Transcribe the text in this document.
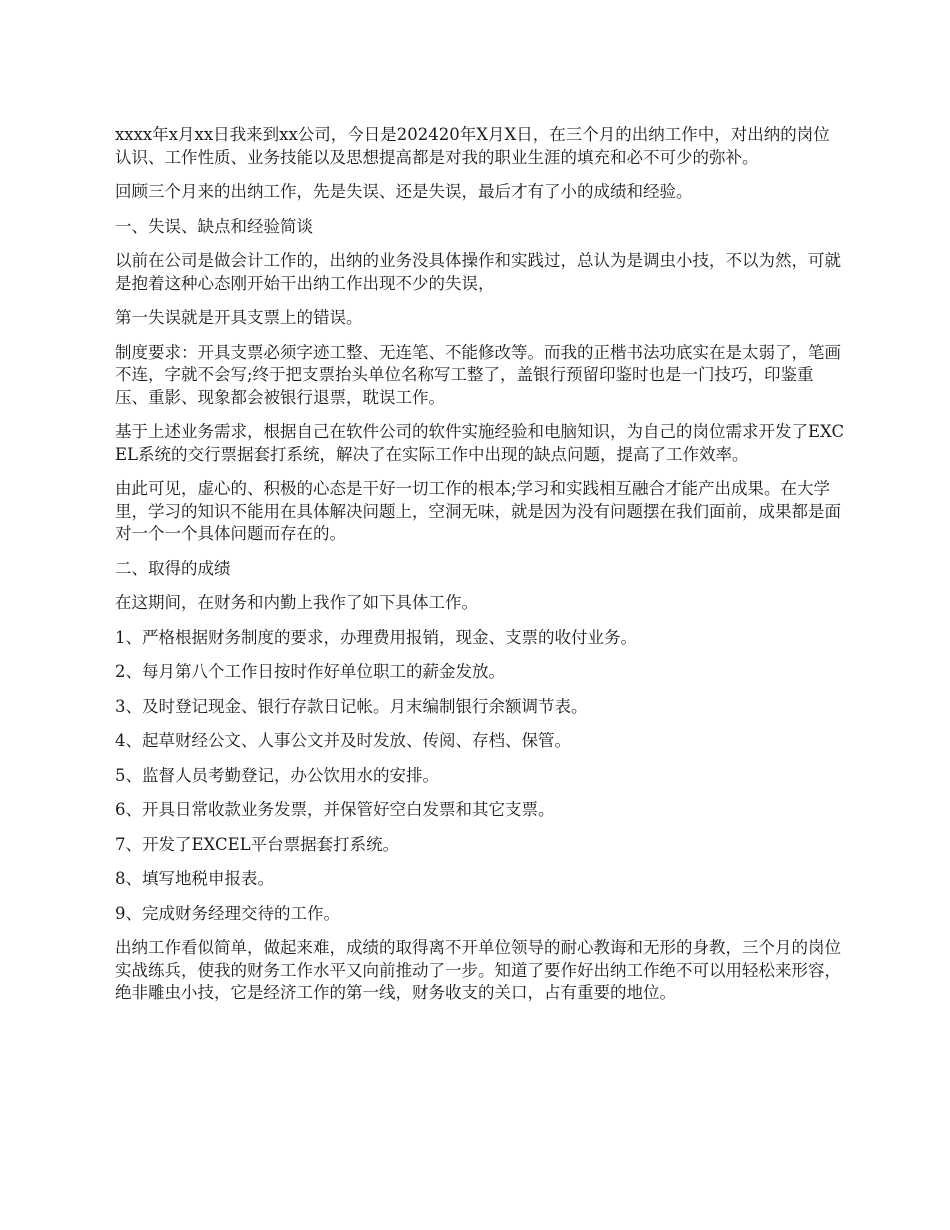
xxxx年x月xx日我来到xx公司，今日是202420年X月X日，在三个月的出纳工作中，对出纳的岗位认识、工作性质、业务技能以及思想提高都是对我的职业生涯的填充和必不可少的弥补。

回顾三个月来的出纳工作，先是失误、还是失误，最后才有了小的成绩和经验。

一、失误、缺点和经验简谈

以前在公司是做会计工作的，出纳的业务没具体操作和实践过，总认为是调虫小技，不以为然，可就是抱着这种心态刚开始干出纳工作出现不少的失误，

第一失误就是开具支票上的错误。

制度要求：开具支票必须字迹工整、无连笔、不能修改等。而我的正楷书法功底实在是太弱了，笔画不连，字就不会写;终于把支票抬头单位名称写工整了，盖银行预留印鉴时也是一门技巧，印鉴重压、重影、现象都会被银行退票，耽误工作。

基于上述业务需求，根据自己在软件公司的软件实施经验和电脑知识，为自己的岗位需求开发了EXCEL系统的交行票据套打系统，解决了在实际工作中出现的缺点问题，提高了工作效率。

由此可见，虚心的、积极的心态是干好一切工作的根本;学习和实践相互融合才能产出成果。在大学里，学习的知识不能用在具体解决问题上，空洞无味，就是因为没有问题摆在我们面前，成果都是面对一个一个具体问题而存在的。

二、取得的成绩

在这期间，在财务和内勤上我作了如下具体工作。

1、严格根据财务制度的要求，办理费用报销，现金、支票的收付业务。

2、每月第八个工作日按时作好单位职工的薪金发放。

3、及时登记现金、银行存款日记帐。月末编制银行余额调节表。

4、起草财经公文、人事公文并及时发放、传阅、存档、保管。

5、监督人员考勤登记，办公饮用水的安排。

6、开具日常收款业务发票，并保管好空白发票和其它支票。

7、开发了EXCEL平台票据套打系统。

8、填写地税申报表。

9、完成财务经理交待的工作。

出纳工作看似简单，做起来难，成绩的取得离不开单位领导的耐心教诲和无形的身教，三个月的岗位实战练兵，使我的财务工作水平又向前推动了一步。知道了要作好出纳工作绝不可以用轻松来形容，绝非雕虫小技，它是经济工作的第一线，财务收支的关口，占有重要的地位。
